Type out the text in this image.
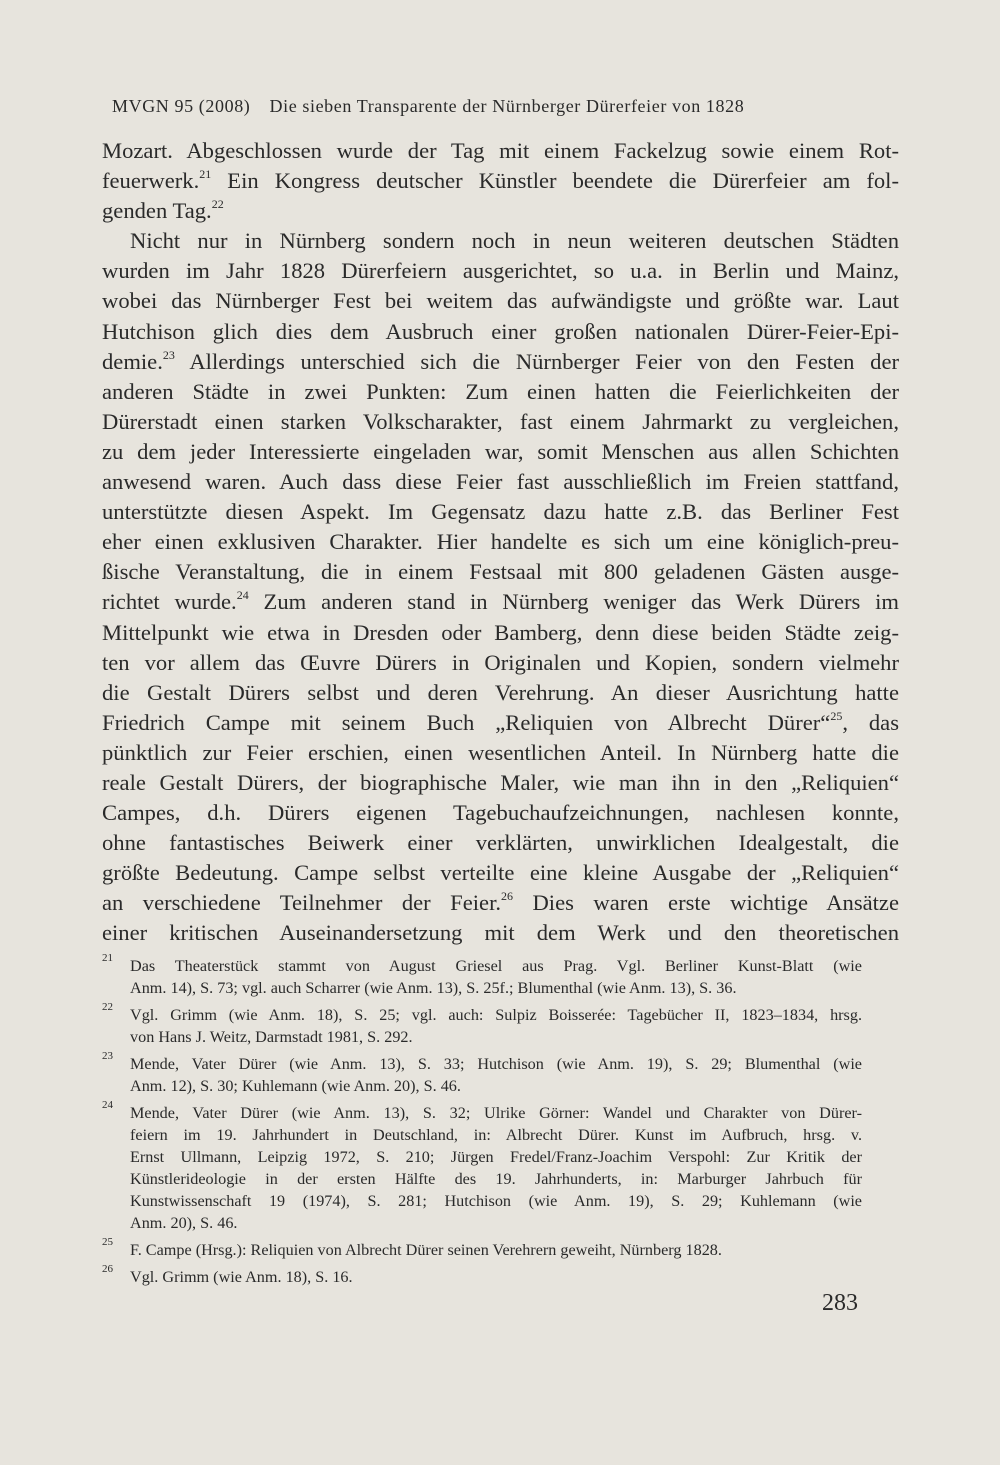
MVGN 95 (2008) Die sieben Transparente der Nürnberger Dürerfeier von 1828
Mozart. Abgeschlossen wurde der Tag mit einem Fackelzug sowie einem Rot-
feuerwerk.$^{21}$ Ein Kongress deutscher Künstler beendete die Dürerfeier am fol-
genden Tag.$^{22}$
Nicht nur in Nürnberg sondern noch in neun weiteren deutschen Städten
wurden im Jahr 1828 Dürerfeiern ausgerichtet, so u.a. in Berlin und Mainz,
wobei das Nürnberger Fest bei weitem das aufwändigste und größte war. Laut
Hutchison glich dies dem Ausbruch einer großen nationalen Dürer-Feier-Epi-
demie.$^{23}$ Allerdings unterschied sich die Nürnberger Feier von den Festen der
anderen Städte in zwei Punkten: Zum einen hatten die Feierlichkeiten der
Dürerstadt einen starken Volkscharakter, fast einem Jahrmarkt zu vergleichen,
zu dem jeder Interessierte eingeladen war, somit Menschen aus allen Schichten
anwesend waren. Auch dass diese Feier fast ausschließlich im Freien stattfand,
unterstützte diesen Aspekt. Im Gegensatz dazu hatte z.B. das Berliner Fest
eher einen exklusiven Charakter. Hier handelte es sich um eine königlich-preu-
ßische Veranstaltung, die in einem Festsaal mit 800 geladenen Gästen ausge-
richtet wurde.$^{24}$ Zum anderen stand in Nürnberg weniger das Werk Dürers im
Mittelpunkt wie etwa in Dresden oder Bamberg, denn diese beiden Städte zeig-
ten vor allem das Œuvre Dürers in Originalen und Kopien, sondern vielmehr
die Gestalt Dürers selbst und deren Verehrung. An dieser Ausrichtung hatte
Friedrich Campe mit seinem Buch „Reliquien von Albrecht Dürer“$^{25}$, das
pünktlich zur Feier erschien, einen wesentlichen Anteil. In Nürnberg hatte die
reale Gestalt Dürers, der biographische Maler, wie man ihn in den „Reliquien“
Campes, d.h. Dürers eigenen Tagebuchaufzeichnungen, nachlesen konnte,
ohne fantastisches Beiwerk einer verklärten, unwirklichen Idealgestalt, die
größte Bedeutung. Campe selbst verteilte eine kleine Ausgabe der „Reliquien“
an verschiedene Teilnehmer der Feier.$^{26}$ Dies waren erste wichtige Ansätze
einer kritischen Auseinandersetzung mit dem Werk und den theoretischen
21 Das Theaterstück stammt von August Griesel aus Prag. Vgl. Berliner Kunst-Blatt (wie
Anm. 14), S. 73; vgl. auch Scharrer (wie Anm. 13), S. 25f.; Blumenthal (wie Anm. 13), S. 36.
22 Vgl. Grimm (wie Anm. 18), S. 25; vgl. auch: Sulpiz Boisserée: Tagebücher II, 1823–1834, hrsg.
von Hans J. Weitz, Darmstadt 1981, S. 292.
23 Mende, Vater Dürer (wie Anm. 13), S. 33; Hutchison (wie Anm. 19), S. 29; Blumenthal (wie
Anm. 12), S. 30; Kuhlemann (wie Anm. 20), S. 46.
24 Mende, Vater Dürer (wie Anm. 13), S. 32; Ulrike Görner: Wandel und Charakter von Dürer-
feiern im 19. Jahrhundert in Deutschland, in: Albrecht Dürer. Kunst im Aufbruch, hrsg. v.
Ernst Ullmann, Leipzig 1972, S. 210; Jürgen Fredel/Franz-Joachim Verspohl: Zur Kritik der
Künstlerideologie in der ersten Hälfte des 19. Jahrhunderts, in: Marburger Jahrbuch für
Kunstwissenschaft 19 (1974), S. 281; Hutchison (wie Anm. 19), S. 29; Kuhlemann (wie
Anm. 20), S. 46.
25 F. Campe (Hrsg.): Reliquien von Albrecht Dürer seinen Verehrern geweiht, Nürnberg 1828.
26 Vgl. Grimm (wie Anm. 18), S. 16.
283
